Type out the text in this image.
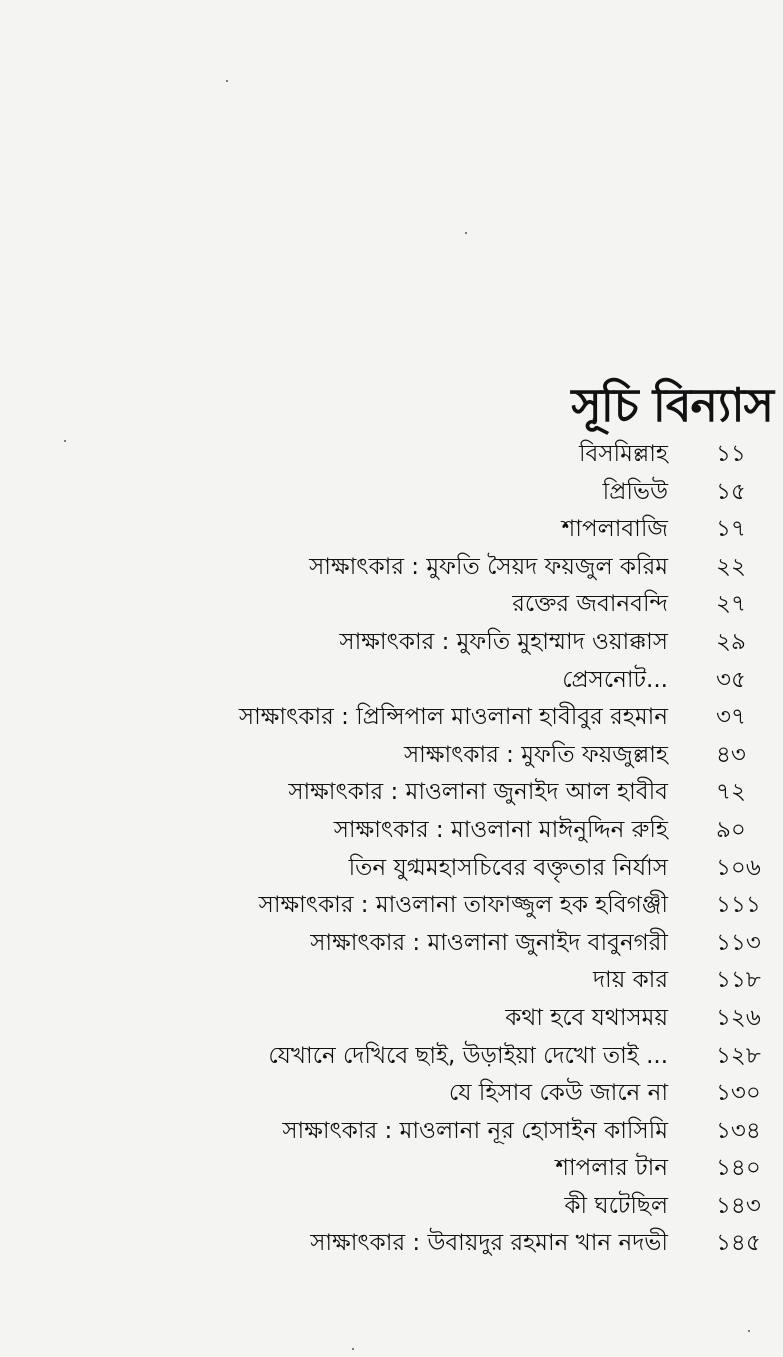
সূচি বিন্যাস
বিসমিল্লাহ ১১
প্রিভিউ ১৫
শাপলাবাজি ১৭
সাক্ষাৎকার : মুফতি সৈয়দ ফয়জুল করিম ২২
রক্তের জবানবন্দি ২৭
সাক্ষাৎকার : মুফতি মুহাম্মাদ ওয়াক্কাস ২৯
প্রেসনোট... ৩৫
সাক্ষাৎকার : প্রিন্সিপাল মাওলানা হাবীবুর রহমান ৩৭
সাক্ষাৎকার : মুফতি ফয়জুল্লাহ ৪৩
সাক্ষাৎকার : মাওলানা জুনাইদ আল হাবীব ৭২
সাক্ষাৎকার : মাওলানা মাঈনুদ্দিন রুহি ৯০
তিন যুগ্মমহাসচিবের বক্তৃতার নির্যাস ১০৬
সাক্ষাৎকার : মাওলানা তাফাজ্জুল হক হবিগঞ্জী ১১১
সাক্ষাৎকার : মাওলানা জুনাইদ বাবুনগরী ১১৩
দায় কার ১১৮
কথা হবে যথাসময় ১২৬
যেখানে দেখিবে ছাই, উড়াইয়া দেখো তাই ... ১২৮
যে হিসাব কেউ জানে না ১৩০
সাক্ষাৎকার : মাওলানা নূর হোসাইন কাসিমি ১৩৪
শাপলার টান ১৪০
কী ঘটেছিল ১৪৩
সাক্ষাৎকার : উবায়দুর রহমান খান নদভী ১৪৫
